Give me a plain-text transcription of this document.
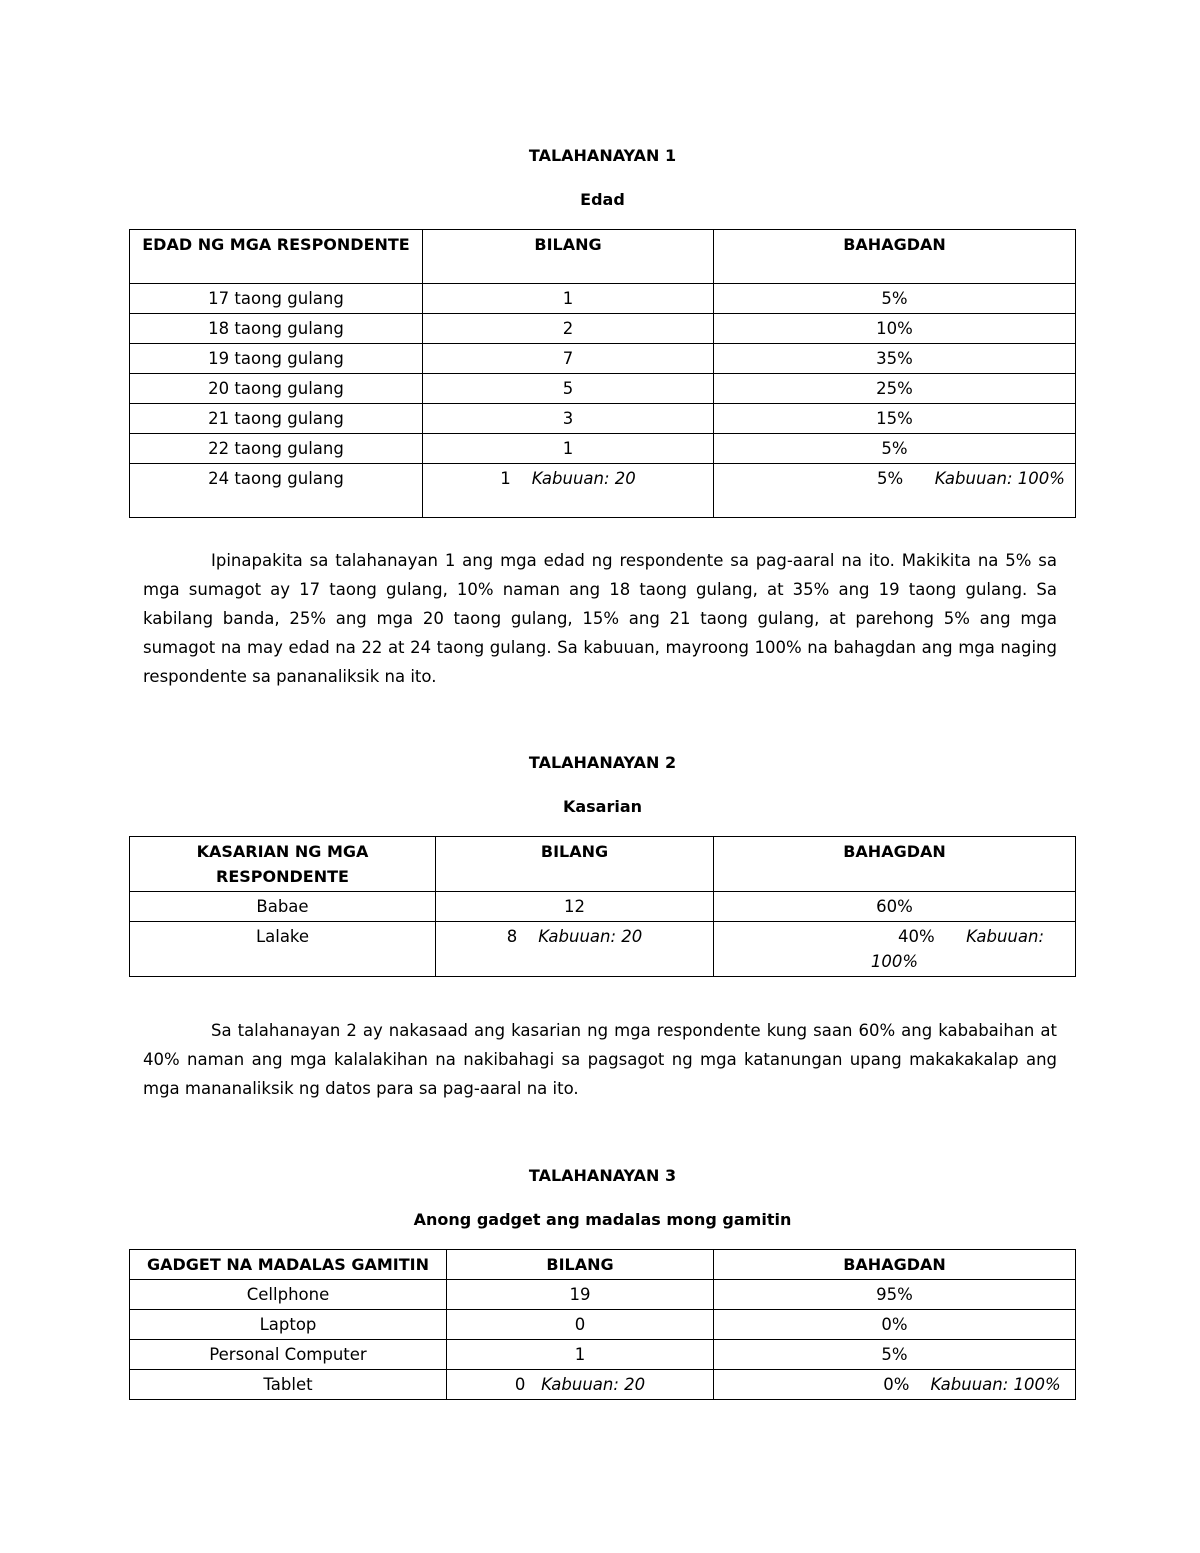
TALAHANAYAN 1
Edad
EDAD NG MGA RESPONDENTE	BILANG	BAHAGDAN
17 taong gulang	1	5%
18 taong gulang	2	10%
19 taong gulang	7	35%
20 taong gulang	5	25%
21 taong gulang	3	15%
22 taong gulang	1	5%
24 taong gulang	1 Kabuuan: 20	5% Kabuuan: 100%
Ipinapakita sa talahanayan 1 ang mga edad ng respondente sa pag-aaral na ito. Makikita na 5% sa mga sumagot ay 17 taong gulang, 10% naman ang 18 taong gulang, at 35% ang 19 taong gulang. Sa kabilang banda, 25% ang mga 20 taong gulang, 15% ang 21 taong gulang, at parehong 5% ang mga sumagot na may edad na 22 at 24 taong gulang. Sa kabuuan, mayroong 100% na bahagdan ang mga naging respondente sa pananaliksik na ito.
TALAHANAYAN 2
Kasarian
KASARIAN NG MGA RESPONDENTE	BILANG	BAHAGDAN
Babae	12	60%
Lalake	8 Kabuuan: 20	40% Kabuuan: 100%
Sa talahanayan 2 ay nakasaad ang kasarian ng mga respondente kung saan 60% ang kababaihan at 40% naman ang mga kalalakihan na nakibahagi sa pagsagot ng mga katanungan upang makakakalap ang mga mananaliksik ng datos para sa pag-aaral na ito.
TALAHANAYAN 3
Anong gadget ang madalas mong gamitin
GADGET NA MADALAS GAMITIN	BILANG	BAHAGDAN
Cellphone	19	95%
Laptop	0	0%
Personal Computer	1	5%
Tablet	0 Kabuuan: 20	0% Kabuuan: 100%
